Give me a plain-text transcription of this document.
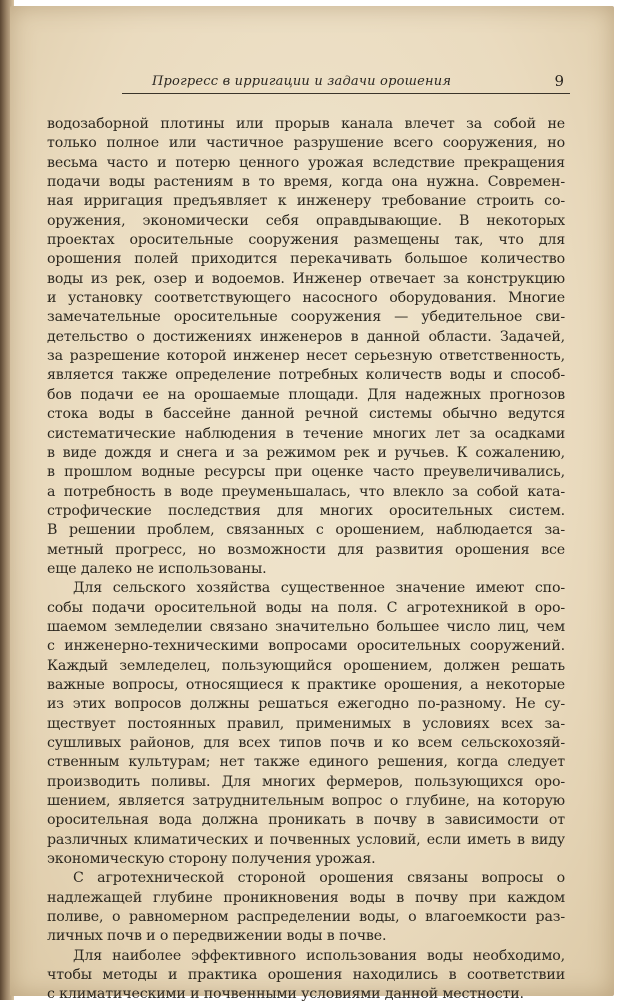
Прогресс в ирригации и задачи орошения	9
водозаборной плотины или прорыв канала влечет за собой не
только полное или частичное разрушение всего сооружения, но
весьма часто и потерю ценного урожая вследствие прекращения
подачи воды растениям в то время, когда она нужна. Современ-
ная ирригация предъявляет к инженеру требование строить со-
оружения, экономически себя оправдывающие. В некоторых
проектах оросительные сооружения размещены так, что для
орошения полей приходится перекачивать большое количество
воды из рек, озер и водоемов. Инженер отвечает за конструкцию
и установку соответствующего насосного оборудования. Многие
замечательные оросительные сооружения — убедительное сви-
детельство о достижениях инженеров в данной области. Задачей,
за разрешение которой инженер несет серьезную ответственность,
является также определение потребных количеств воды и способ-
бов подачи ее на орошаемые площади. Для надежных прогнозов
стока воды в бассейне данной речной системы обычно ведутся
систематические наблюдения в течение многих лет за осадками
в виде дождя и снега и за режимом рек и ручьев. К сожалению,
в прошлом водные ресурсы при оценке часто преувеличивались,
а потребность в воде преуменьшалась, что влекло за собой ката-
строфические последствия для многих оросительных систем.
В решении проблем, связанных с орошением, наблюдается за-
метный прогресс, но возможности для развития орошения все
еще далеко не использованы.
Для сельского хозяйства существенное значение имеют спо-
собы подачи оросительной воды на поля. С агротехникой в оро-
шаемом земледелии связано значительно большее число лиц, чем
с инженерно-техническими вопросами оросительных сооружений.
Каждый земледелец, пользующийся орошением, должен решать
важные вопросы, относящиеся к практике орошения, а некоторые
из этих вопросов должны решаться ежегодно по-разному. Не су-
ществует постоянных правил, применимых в условиях всех за-
сушливых районов, для всех типов почв и ко всем сельскохозяй-
ственным культурам; нет также единого решения, когда следует
производить поливы. Для многих фермеров, пользующихся оро-
шением, является затруднительным вопрос о глубине, на которую
оросительная вода должна проникать в почву в зависимости от
различных климатических и почвенных условий, если иметь в виду
экономическую сторону получения урожая.
С агротехнической стороной орошения связаны вопросы о
надлежащей глубине проникновения воды в почву при каждом
поливе, о равномерном распределении воды, о влагоемкости раз-
личных почв и о передвижении воды в почве.
Для наиболее эффективного использования воды необходимо,
чтобы методы и практика орошения находились в соответствии
с климатическими и почвенными условиями данной местности.
